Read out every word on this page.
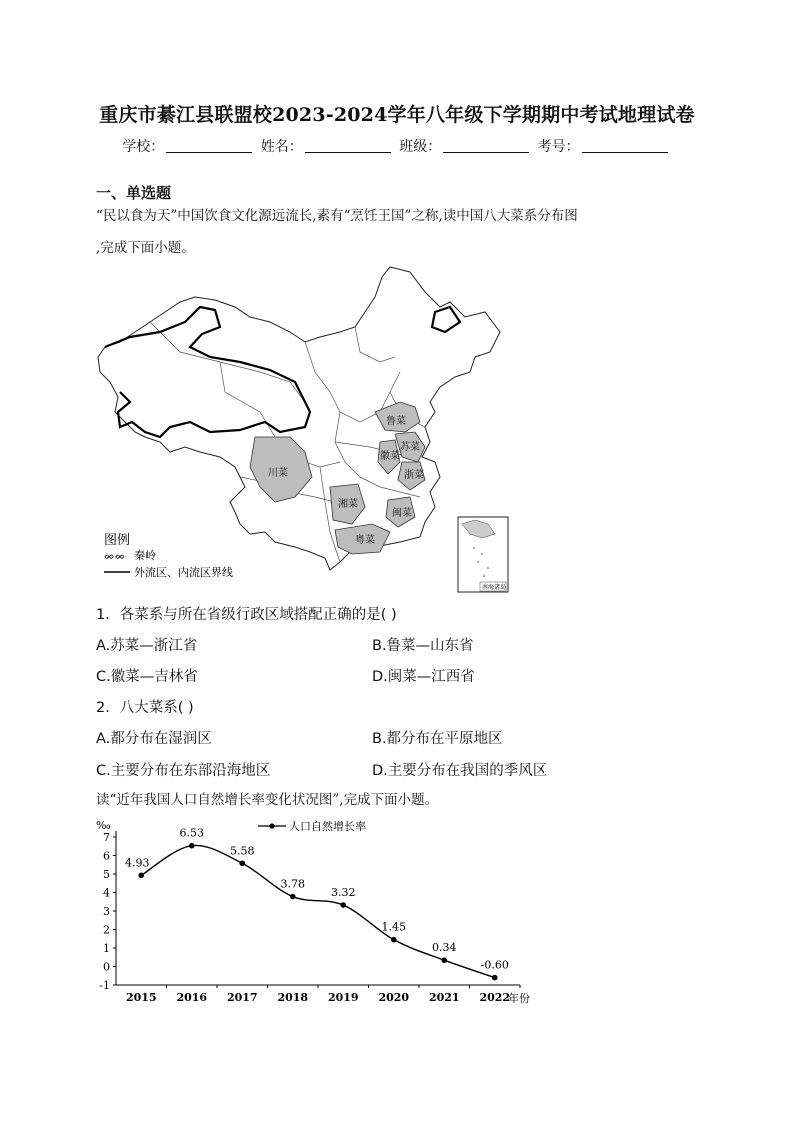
重庆市綦江县联盟校2023-2024学年八年级下学期期中考试地理试卷
学校：	姓名：	班级：	考号：
一、单选题
“民以食为天”中国饮食文化源远流长,素有“烹饪王国”之称,读中国八大菜系分布图
,完成下面小题。
鲁菜
苏菜
徽菜
浙菜
川菜
湘菜
闽菜
粤菜
图例
ᨖᨖ 秦岭
外流区、内流区界线
南海诸岛
1．各菜系与所在省级行政区域搭配正确的是( )
A.苏菜—浙江省	B.鲁菜—山东省
C.徽菜—吉林省	D.闽菜—江西省
2．八大菜系( )
A.都分布在湿润区	B.都分布在平原地区
C.主要分布在东部沿海地区	D.主要分布在我国的季风区
读“近年我国人口自然增长率变化状况图”,完成下面小题。
‰	人口自然增长率
-1
0
1
2
3
4
5
6
7
2015 2016 2017 2018 2019 2020 2021 2022
4.93
6.53
5.58
3.78
3.32
1.45
0.34
-0.60
年份
